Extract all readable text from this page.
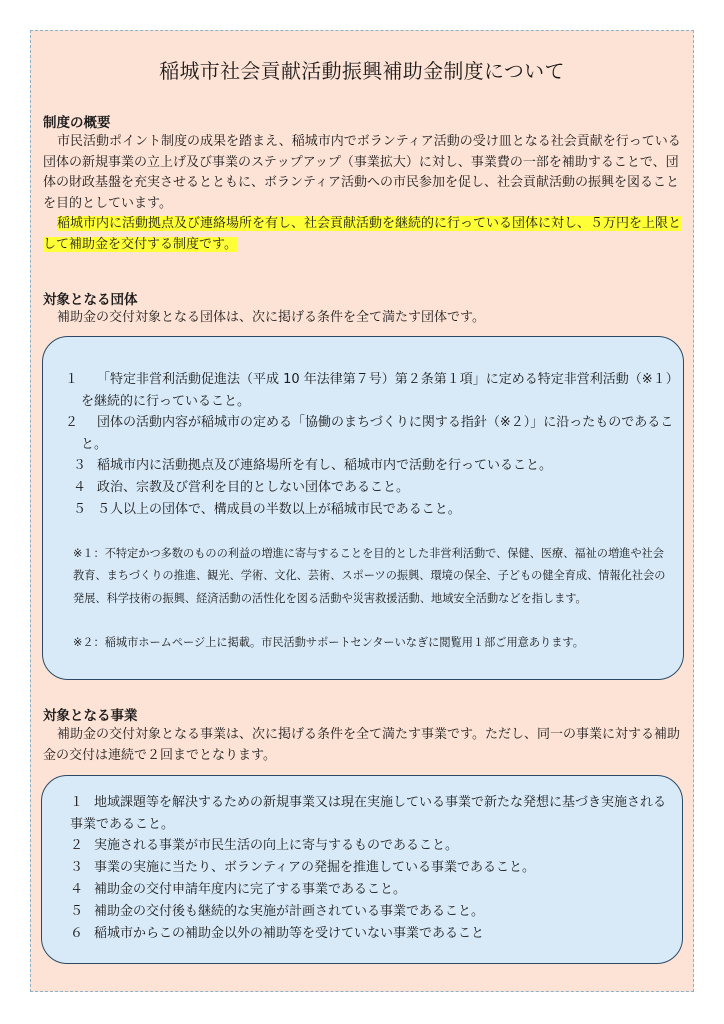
稲城市社会貢献活動振興補助金制度について
制度の概要

市民活動ポイント制度の成果を踏まえ、稲城市内でボランティア活動の受け皿となる社会貢献を行っている団体の新規事業の立上げ及び事業のステップアップ（事業拡大）に対し、事業費の一部を補助することで、団体の財政基盤を充実させるとともに、ボランティア活動への市民参加を促し、社会貢献活動の振興を図ることを目的としています。

稲城市内に活動拠点及び連絡場所を有し、社会貢献活動を継続的に行っている団体に対し、５万円を上限として補助金を交付する制度です。

対象となる団体

補助金の交付対象となる団体は、次に掲げる条件を全て満たす団体です。

１ 「特定非営利活動促進法（平成 10 年法律第７号）第２条第１項」に定める特定非営利活動（※１）を継続的に行っていること。

２ 団体の活動内容が稲城市の定める「協働のまちづくりに関する指針（※２）」に沿ったものであること。

３ 稲城市内に活動拠点及び連絡場所を有し、稲城市内で活動を行っていること。

４ 政治、宗教及び営利を目的としない団体であること。

５ ５人以上の団体で、構成員の半数以上が稲城市民であること。

※１：不特定かつ多数のものの利益の増進に寄与することを目的とした非営利活動で、保健、医療、福祉の増進や社会教育、まちづくりの推進、観光、学術、文化、芸術、スポーツの振興、環境の保全、子どもの健全育成、情報化社会の発展、科学技術の振興、経済活動の活性化を図る活動や災害救援活動、地域安全活動などを指します。

※２：稲城市ホームページ上に掲載。市民活動サポートセンターいなぎに閲覧用１部ご用意あります。

対象となる事業

補助金の交付対象となる事業は、次に掲げる条件を全て満たす事業です。ただし、同一の事業に対する補助金の交付は連続で２回までとなります。

１ 地域課題等を解決するための新規事業又は現在実施している事業で新たな発想に基づき実施される事業であること。

２ 実施される事業が市民生活の向上に寄与するものであること。

３ 事業の実施に当たり、ボランティアの発掘を推進している事業であること。

４ 補助金の交付申請年度内に完了する事業であること。

５ 補助金の交付後も継続的な実施が計画されている事業であること。

６ 稲城市からこの補助金以外の補助等を受けていない事業であること
